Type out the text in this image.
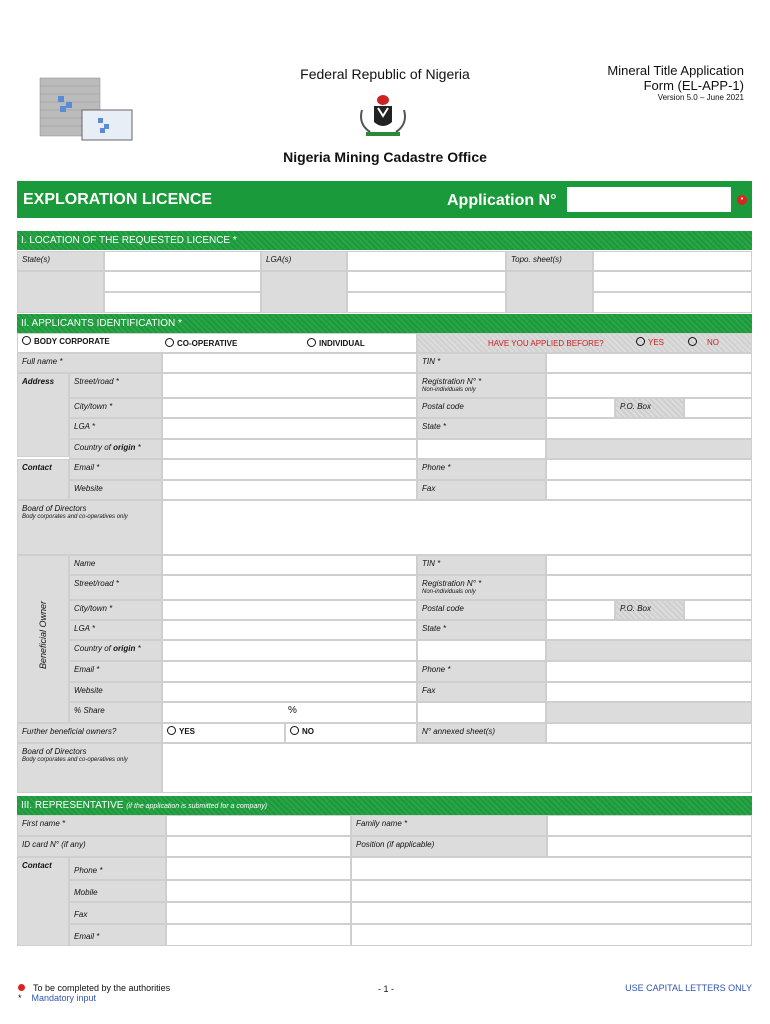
Federal Republic of Nigeria
Nigeria Mining Cadastre Office
Mineral Title Application
Form (EL-APP-1)
Version 5.0 – June 2021
EXPLORATION LICENCE	Application N°	•
I. LOCATION OF THE REQUESTED LICENCE *
State(s)	LGA(s)	Topo. sheet(s)
II. APPLICANTS IDENTIFICATION *
BODY CORPORATE	CO-OPERATIVE	INDIVIDUAL	HAVE YOU APPLIED BEFORE?	YES	NO
Full name *	TIN *
Address	Street/road *	Registration N° *
Non-individuals only
City/town *	Postal code	P.O. Box
LGA *	State *
Country of origin *
Contact	Email *	Phone *
Website	Fax
Board of Directors
Body corporates and co-operatives only
Beneficial Owner
Name	TIN *
Street/road *	Registration N° *
Non-individuals only
City/town *	Postal code	P.O. Box
LGA *	State *
Country of origin *
Email *	Phone *
Website	Fax
% Share	%
Further beneficial owners?	YES	NO	N° annexed sheet(s)
Board of Directors
Body corporates and co-operatives only
III. REPRESENTATIVE (if the application is submitted for a company)
First name *	Family name *
ID card N° (if any)	Position (if applicable)
Contact
Phone *
Mobile
Fax
Email *
To be completed by the authorities
* Mandatory input
- 1 -	USE CAPITAL LETTERS ONLY
